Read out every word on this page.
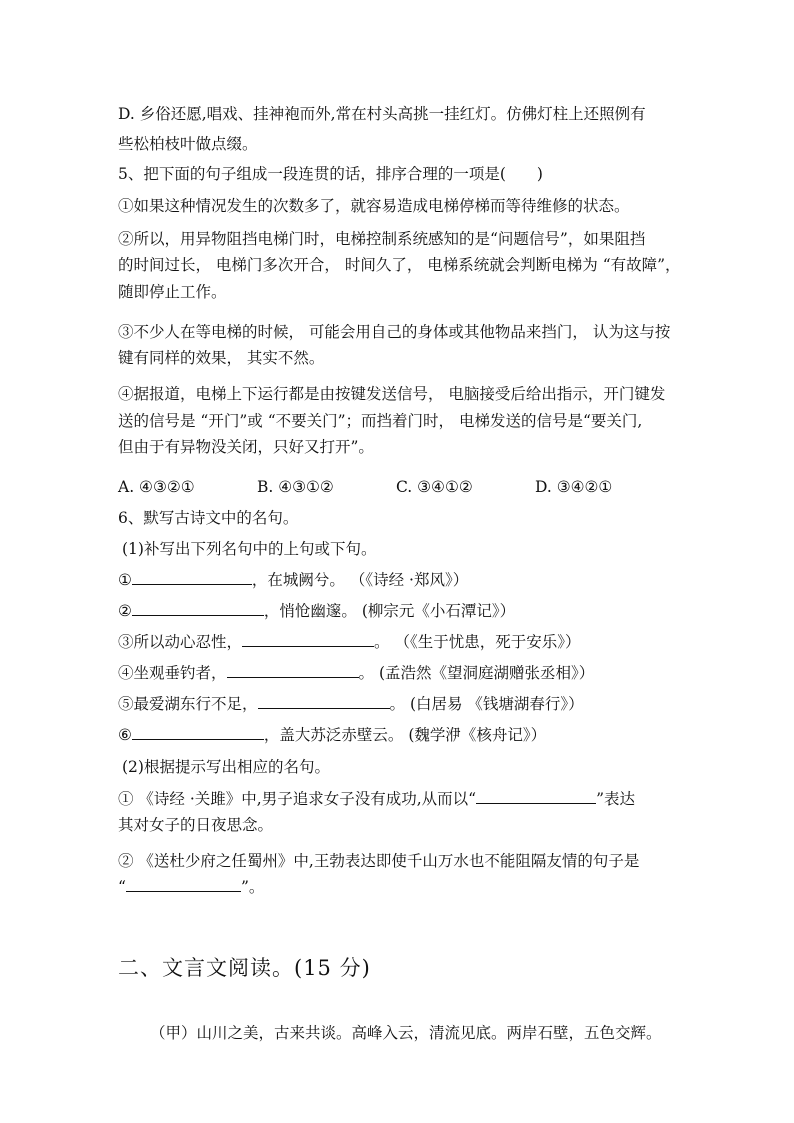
D. 乡俗还愿,唱戏、挂神袍而外,常在村头高挑一挂红灯。仿佛灯柱上还照例有
些松柏枝叶做点缀。
5、把下面的句子组成一段连贯的话，排序合理的一项是(　　)
①如果这种情况发生的次数多了，就容易造成电梯停梯而等待维修的状态。
②所以，用异物阻挡电梯门时，电梯控制系统感知的是“问题信号”，如果阻挡
的时间过长， 电梯门多次开合， 时间久了， 电梯系统就会判断电梯为 “有故障”，
随即停止工作。
③不少人在等电梯的时候， 可能会用自己的身体或其他物品来挡门， 认为这与按
键有同样的效果， 其实不然。
④据报道，电梯上下运行都是由按键发送信号， 电脑接受后给出指示，开门键发
送的信号是 “开门”或 “不要关门”；而挡着门时， 电梯发送的信号是“要关门,
但由于有异物没关闭，只好又打开”。
A. ④③②①	B. ④③①②	C. ③④①②	D. ③④②①
6、默写古诗文中的名句。
(1)补写出下列名句中的上句或下句。
①	，在城阙兮。 （《诗经 ·郑风》）
②	，悄怆幽邃。 (柳宗元《小石潭记》）
③所以动心忍性，	。 （《生于忧患，死于安乐》）
④坐观垂钓者，	。 (孟浩然《望洞庭湖赠张丞相》）
⑤最爱湖东行不足，	。 (白居易 《钱塘湖春行》）
⑥	，盖大苏泛赤壁云。 (魏学洢《核舟记》）
(2)根据提示写出相应的名句。
① 《诗经 ·关雎》中,男子追求女子没有成功,从而以“	”表达
其对女子的日夜思念。
② 《送杜少府之任蜀州》中,王勃表达即使千山万水也不能阻隔友情的句子是
“	”。
二、文言文阅读。(15 分)
（甲）山川之美，古来共谈。高峰入云，清流见底。两岸石壁，五色交辉。
